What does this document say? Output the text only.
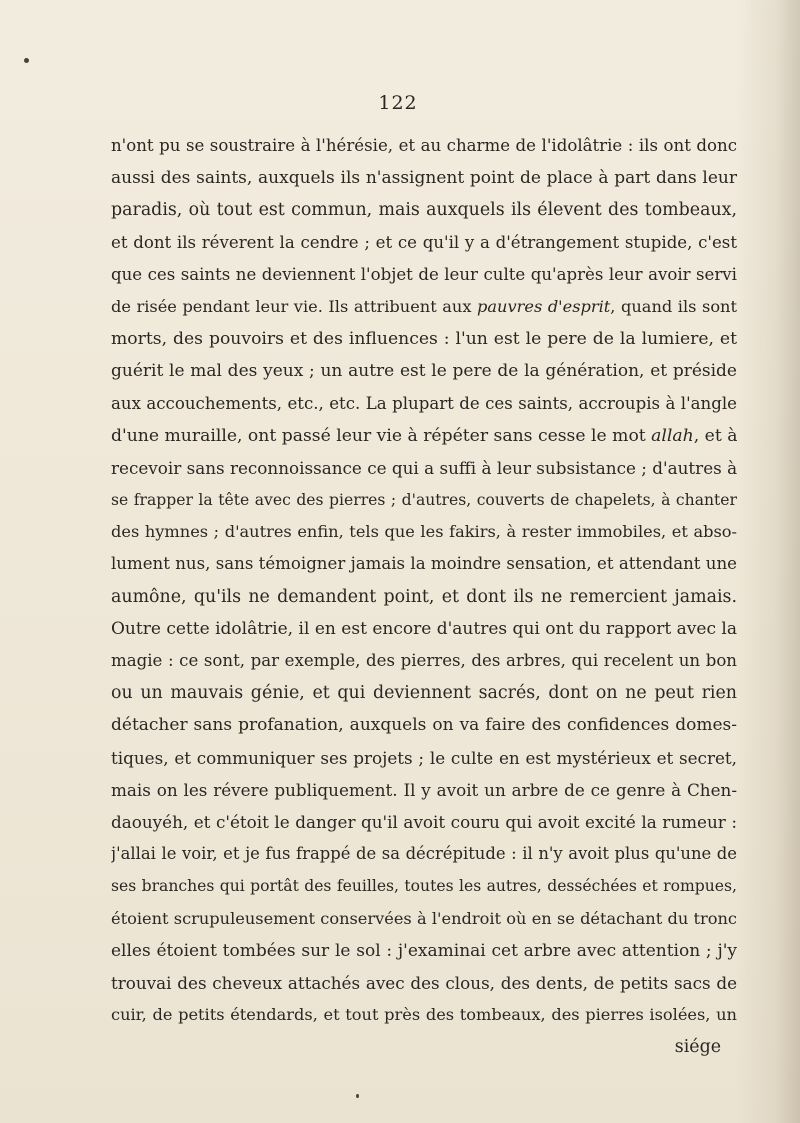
122
n'ont pu se soustraire à l'hérésie, et au charme de l'idolâtrie : ils ont donc
aussi des saints, auxquels ils n'assignent point de place à part dans leur
paradis, où tout est commun, mais auxquels ils élevent des tombeaux,
et dont ils réverent la cendre ; et ce qu'il y a d'étrangement stupide, c'est
que ces saints ne deviennent l'objet de leur culte qu'après leur avoir servi
de risée pendant leur vie. Ils attribuent aux pauvres d'esprit, quand ils sont
morts, des pouvoirs et des influences : l'un est le pere de la lumiere, et
guérit le mal des yeux ; un autre est le pere de la génération, et préside
aux accouchements, etc., etc. La plupart de ces saints, accroupis à l'angle
d'une muraille, ont passé leur vie à répéter sans cesse le mot allah, et à
recevoir sans reconnoissance ce qui a suffi à leur subsistance ; d'autres à
se frapper la tête avec des pierres ; d'autres, couverts de chapelets, à chanter
des hymnes ; d'autres enfin, tels que les fakirs, à rester immobiles, et abso-
lument nus, sans témoigner jamais la moindre sensation, et attendant une
aumône, qu'ils ne demandent point, et dont ils ne remercient jamais.
Outre cette idolâtrie, il en est encore d'autres qui ont du rapport avec la
magie : ce sont, par exemple, des pierres, des arbres, qui recelent un bon
ou un mauvais génie, et qui deviennent sacrés, dont on ne peut rien
détacher sans profanation, auxquels on va faire des confidences domes-
tiques, et communiquer ses projets ; le culte en est mystérieux et secret,
mais on les révere publiquement. Il y avoit un arbre de ce genre à Chen-
daouyéh, et c'étoit le danger qu'il avoit couru qui avoit excité la rumeur :
j'allai le voir, et je fus frappé de sa décrépitude : il n'y avoit plus qu'une de
ses branches qui portât des feuilles, toutes les autres, desséchées et rompues,
étoient scrupuleusement conservées à l'endroit où en se détachant du tronc
elles étoient tombées sur le sol : j'examinai cet arbre avec attention ; j'y
trouvai des cheveux attachés avec des clous, des dents, de petits sacs de
cuir, de petits étendards, et tout près des tombeaux, des pierres isolées, un
siége
